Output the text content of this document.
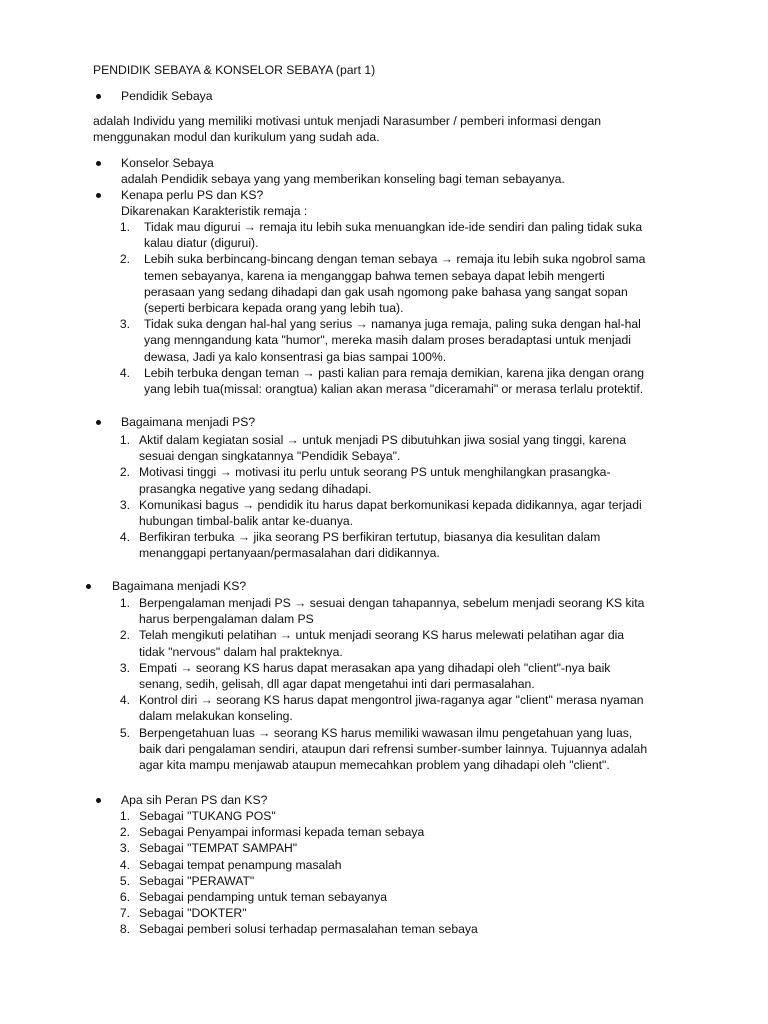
PENDIDIK SEBAYA & KONSELOR SEBAYA (part 1)
Pendidik Sebaya
adalah Individu yang memiliki motivasi untuk menjadi Narasumber / pemberi informasi dengan
menggunakan modul dan kurikulum yang sudah ada.
Konselor Sebaya
adalah Pendidik sebaya yang yang memberikan konseling bagi teman sebayanya.
Kenapa perlu PS dan KS?
Dikarenakan Karakteristik remaja :
1. Tidak mau digurui → remaja itu lebih suka menuangkan ide-ide sendiri dan paling tidak suka
kalau diatur (digurui).
2. Lebih suka berbincang-bincang dengan teman sebaya → remaja itu lebih suka ngobrol sama
temen sebayanya, karena ia menganggap bahwa temen sebaya dapat lebih mengerti
perasaan yang sedang dihadapi dan gak usah ngomong pake bahasa yang sangat sopan
(seperti berbicara kepada orang yang lebih tua).
3. Tidak suka dengan hal-hal yang serius → namanya juga remaja, paling suka dengan hal-hal
yang menngandung kata "humor", mereka masih dalam proses beradaptasi untuk menjadi
dewasa, Jadi ya kalo konsentrasi ga bias sampai 100%.
4. Lebih terbuka dengan teman → pasti kalian para remaja demikian, karena jika dengan orang
yang lebih tua(missal: orangtua) kalian akan merasa "diceramahi" or merasa terlalu protektif.
Bagaimana menjadi PS?
1. Aktif dalam kegiatan sosial → untuk menjadi PS dibutuhkan jiwa sosial yang tinggi, karena
sesuai dengan singkatannya "Pendidik Sebaya".
2. Motivasi tinggi → motivasi itu perlu untuk seorang PS untuk menghilangkan prasangka-
prasangka negative yang sedang dihadapi.
3. Komunikasi bagus → pendidik itu harus dapat berkomunikasi kepada didikannya, agar terjadi
hubungan timbal-balik antar ke-duanya.
4. Berfikiran terbuka → jika seorang PS berfikiran tertutup, biasanya dia kesulitan dalam
menanggapi pertanyaan/permasalahan dari didikannya.
Bagaimana menjadi KS?
1. Berpengalaman menjadi PS → sesuai dengan tahapannya, sebelum menjadi seorang KS kita
harus berpengalaman dalam PS
2. Telah mengikuti pelatihan → untuk menjadi seorang KS harus melewati pelatihan agar dia
tidak "nervous" dalam hal prakteknya.
3. Empati → seorang KS harus dapat merasakan apa yang dihadapi oleh "client"-nya baik
senang, sedih, gelisah, dll agar dapat mengetahui inti dari permasalahan.
4. Kontrol diri → seorang KS harus dapat mengontrol jiwa-raganya agar "client" merasa nyaman
dalam melakukan konseling.
5. Berpengetahuan luas → seorang KS harus memiliki wawasan ilmu pengetahuan yang luas,
baik dari pengalaman sendiri, ataupun dari refrensi sumber-sumber lainnya. Tujuannya adalah
agar kita mampu menjawab ataupun memecahkan problem yang dihadapi oleh "client".
Apa sih Peran PS dan KS?
1. Sebagai "TUKANG POS"
2. Sebagai Penyampai informasi kepada teman sebaya
3. Sebagai "TEMPAT SAMPAH"
4. Sebagai tempat penampung masalah
5. Sebagai "PERAWAT"
6. Sebagai pendamping untuk teman sebayanya
7. Sebagai "DOKTER"
8. Sebagai pemberi solusi terhadap permasalahan teman sebaya
